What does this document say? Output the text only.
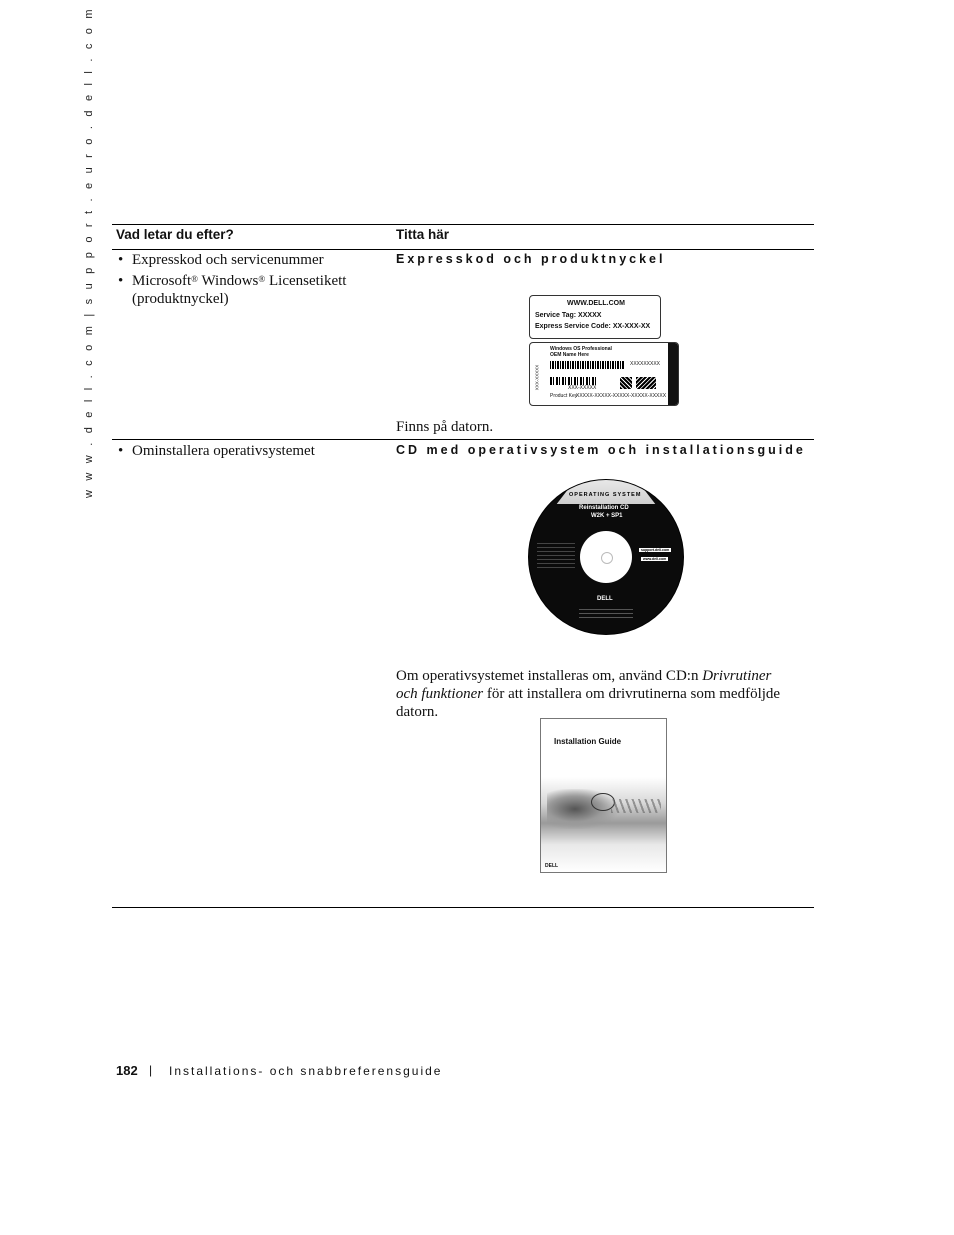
w w w . d e l l . c o m | s u p p o r t . e u r o . d e l l . c o m Vad letar du efter?	Titta här
• Expresskod och servicenummer
• Microsoft® Windows® Licensetikett
(produktnyckel)
Expresskod och produktnyckel
WWW.DELL.COM
Service Tag: XXXXX
Express Service Code: XX-XXX-XX
Windows OS Professional
OEM Name Here
XXXXXXXXX
XXX-XXXXX
Product Key
XXXXX-XXXXX-XXXXX-XXXXX-XXXXX
XXX-XXXXX
Finns på datorn.
• Ominstallera operativsystemet	CD med operativsystem och installationsguide
OPERATING SYSTEM
Reinstallation CD
W2K + SP1
support.dell.com
www.dell.com
DELL
Om operativsystemet installeras om, använd CD:n Drivrutiner och funktioner för att installera om drivrutinerna som medföljde datorn.
Installation Guide
DELL
182 | Installations- och snabbreferensguide
